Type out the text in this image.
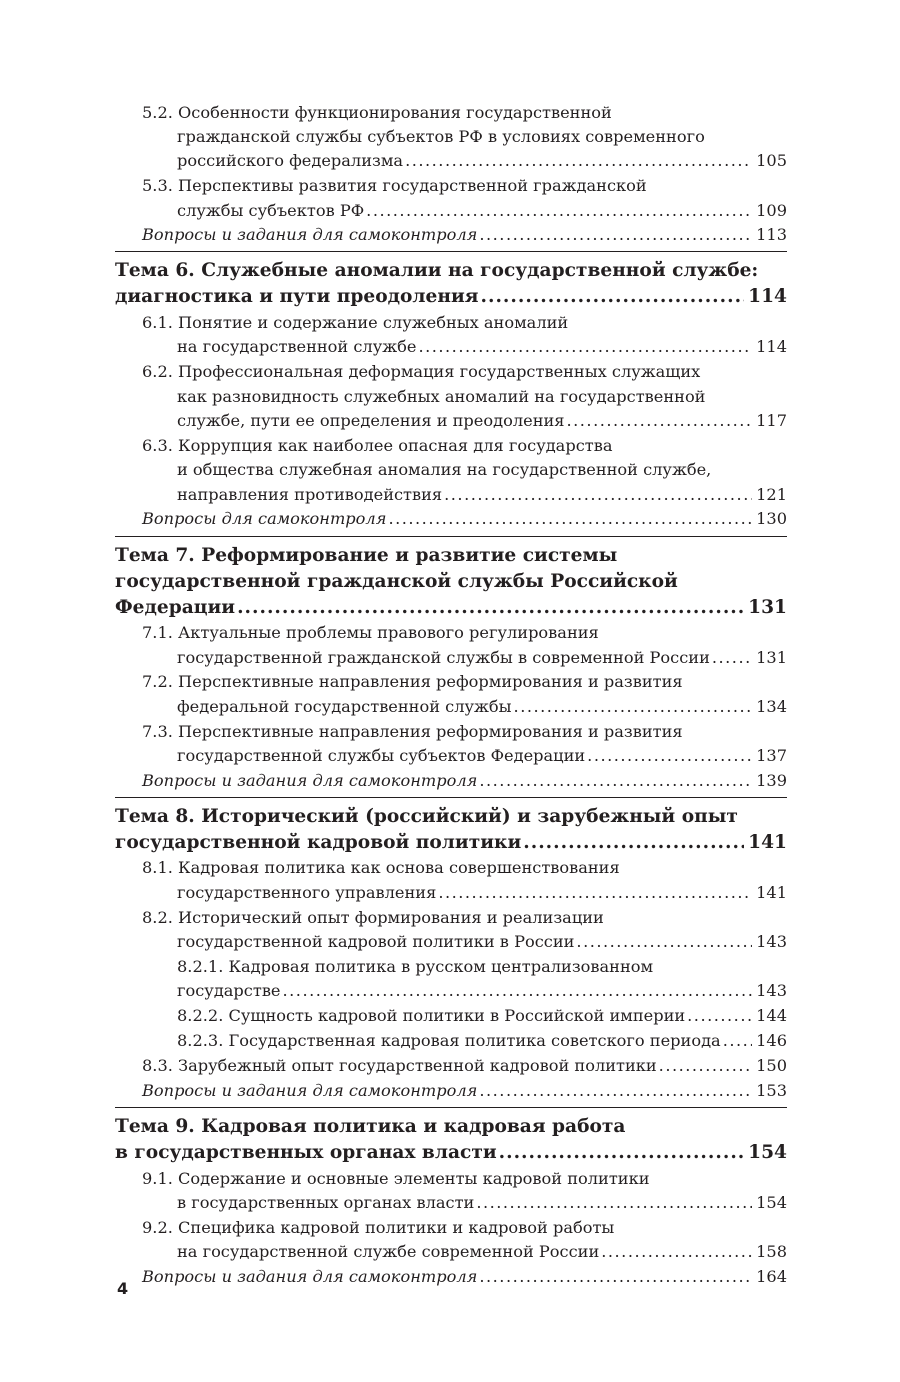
5.2. Особенности функционирования государственной
гражданской службы субъектов РФ в условиях современного
российского федерализма .....	105
5.3. Перспективы развития государственной гражданской
службы субъектов РФ .....	109
Вопросы и задания для самоконтроля .....	113
Тема 6. Служебные аномалии на государственной службе:
диагностика и пути преодоления .....	114
6.1. Понятие и содержание служебных аномалий
на государственной службе .....	114
6.2. Профессиональная деформация государственных служащих
как разновидность служебных аномалий на государственной
службе, пути ее определения и преодоления .....	117
6.3. Коррупция как наиболее опасная для государства
и общества служебная аномалия на государственной службе,
направления противодействия .....	121
Вопросы для самоконтроля .....	130
Тема 7. Реформирование и развитие системы
государственной гражданской службы Российской
Федерации .....	131
7.1. Актуальные проблемы правового регулирования
государственной гражданской службы в современной России .....	131
7.2. Перспективные направления реформирования и развития
федеральной государственной службы .....	134
7.3. Перспективные направления реформирования и развития
государственной службы субъектов Федерации .....	137
Вопросы и задания для самоконтроля .....	139
Тема 8. Исторический (российский) и зарубежный опыт
государственной кадровой политики .....	141
8.1. Кадровая политика как основа совершенствования
государственного управления .....	141
8.2. Исторический опыт формирования и реализации
государственной кадровой политики в России .....	143
8.2.1. Кадровая политика в русском централизованном
государстве .....	143
8.2.2. Сущность кадровой политики в Российской империи .....	144
8.2.3. Государственная кадровая политика советского периода ..... 146
8.3. Зарубежный опыт государственной кадровой политики .....	150
Вопросы и задания для самоконтроля .....	153
Тема 9. Кадровая политика и кадровая работа
в государственных органах власти .....	154
9.1. Содержание и основные элементы кадровой политики
в государственных органах власти .....	154
9.2. Специфика кадровой политики и кадровой работы
на государственной службе современной России .....	158
Вопросы и задания для самоконтроля .....	164
4
